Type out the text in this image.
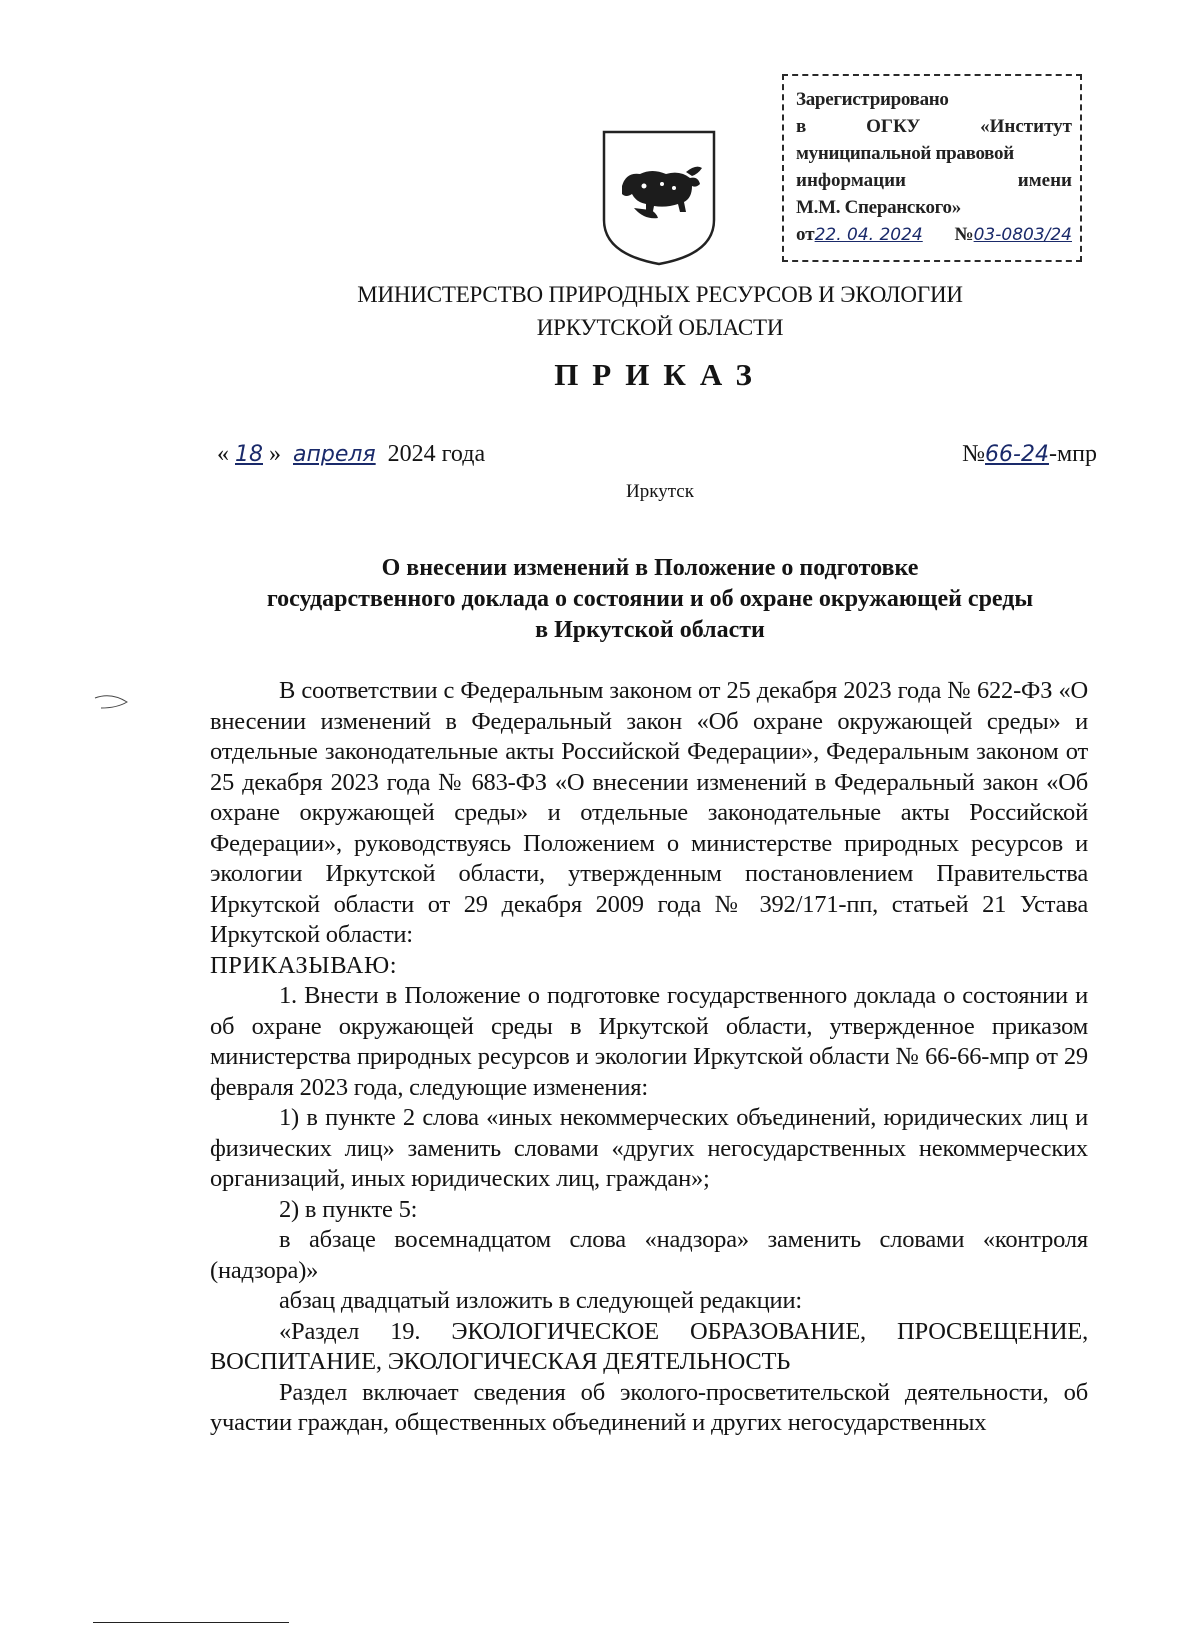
Зарегистрировано
в	ОГКУ	«Институт
муниципальной правовой
информации	имени
М.М. Сперанского»
от22. 04. 2024 №03-0803/24
МИНИСТЕРСТВО ПРИРОДНЫХ РЕСУРСОВ И ЭКОЛОГИИ
ИРКУТСКОЙ ОБЛАСТИ
ПРИКАЗ
« 18 » апреля 2024 года	№66-24-мпр
Иркутск
О внесении изменений в Положение о подготовке
государственного доклада о состоянии и об охране окружающей среды
в Иркутской области

В соответствии с Федеральным законом от 25 декабря 2023 года № 622-ФЗ «О внесении изменений в Федеральный закон «Об охране окружающей среды» и отдельные законодательные акты Российской Федерации», Федеральным законом от 25 декабря 2023 года № 683-ФЗ «О внесении изменений в Федеральный закон «Об охране окружающей среды» и отдельные законодательные акты Российской Федерации», руководствуясь Положением о министерстве природных ресурсов и экологии Иркутской области, утвержденным постановлением Правительства Иркутской области от 29 декабря 2009 года № 392/171-пп, статьей 21 Устава Иркутской области:

ПРИКАЗЫВАЮ:

1. Внести в Положение о подготовке государственного доклада о состоянии и об охране окружающей среды в Иркутской области, утвержденное приказом министерства природных ресурсов и экологии Иркутской области № 66-66-мпр от 29 февраля 2023 года, следующие изменения:

1) в пункте 2 слова «иных некоммерческих объединений, юридических лиц и физических лиц» заменить словами «других негосударственных некоммерческих организаций, иных юридических лиц, граждан»;

2) в пункте 5:

в абзаце восемнадцатом слова «надзора» заменить словами «контроля (надзора)»

абзац двадцатый изложить в следующей редакции:

«Раздел 19. ЭКОЛОГИЧЕСКОЕ ОБРАЗОВАНИЕ, ПРОСВЕЩЕНИЕ, ВОСПИТАНИЕ, ЭКОЛОГИЧЕСКАЯ ДЕЯТЕЛЬНОСТЬ

Раздел включает сведения об эколого-просветительской деятельности, об участии граждан, общественных объединений и других негосударственных
